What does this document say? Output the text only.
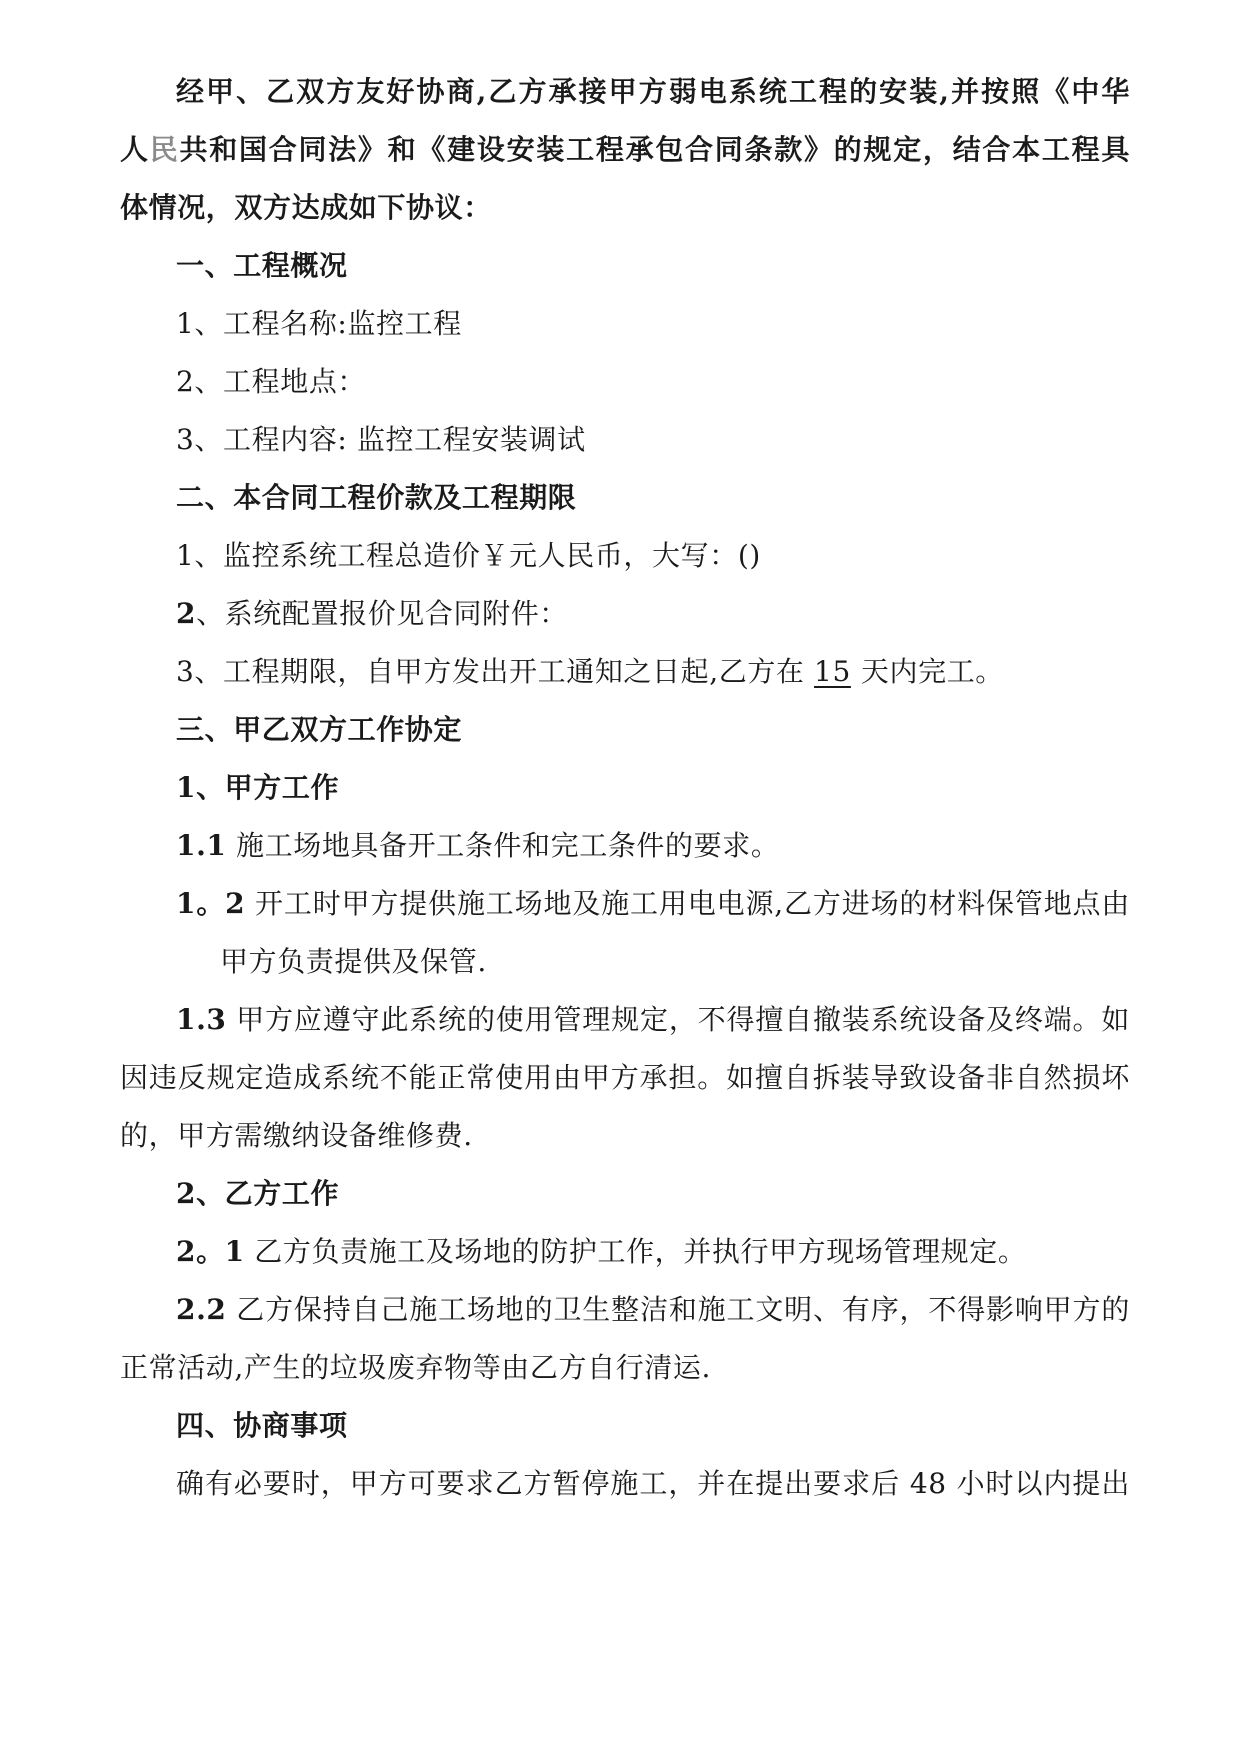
经甲、乙双方友好协商,乙方承接甲方弱电系统工程的安装,并按照《中华
人民共和国合同法》和《建设安装工程承包合同条款》的规定，结合本工程具
体情况，双方达成如下协议：
一、工程概况
1、工程名称:监控工程
2、工程地点：
3、工程内容: 监控工程安装调试
二、本合同工程价款及工程期限
1、监控系统工程总造价￥元人民币，大写：()
2、系统配置报价见合同附件：
3、工程期限，自甲方发出开工通知之日起,乙方在 15 天内完工。
三、甲乙双方工作协定
1、甲方工作
1.1 施工场地具备开工条件和完工条件的要求。
1。2 开工时甲方提供施工场地及施工用电电源,乙方进场的材料保管地点由
甲方负责提供及保管.
1.3 甲方应遵守此系统的使用管理规定，不得擅自撤装系统设备及终端。如
因违反规定造成系统不能正常使用由甲方承担。如擅自拆装导致设备非自然损坏
的，甲方需缴纳设备维修费.
2、乙方工作
2。1 乙方负责施工及场地的防护工作，并执行甲方现场管理规定。
2.2 乙方保持自己施工场地的卫生整洁和施工文明、有序，不得影响甲方的
正常活动,产生的垃圾废弃物等由乙方自行清运.
四、协商事项
确有必要时，甲方可要求乙方暂停施工，并在提出要求后 48 小时以内提出
